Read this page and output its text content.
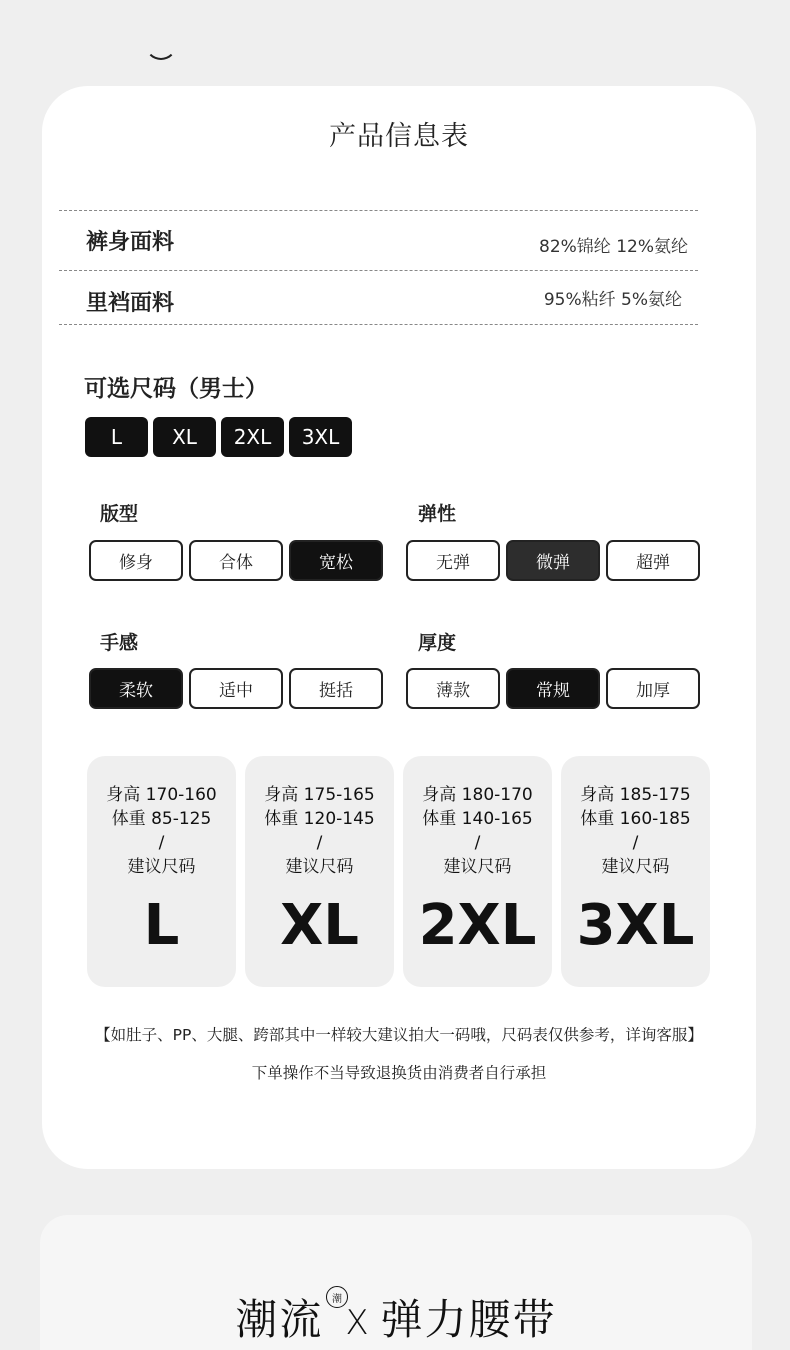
产品信息表
裤身面料	82%锦纶 12%氨纶
里裆面料	95%粘纤 5%氨纶
可选尺码（男士）
L	XL	2XL	3XL
版型
修身	合体	宽松
弹性
无弹	微弹	超弹
手感
柔软	适中	挺括
厚度
薄款	常规	加厚
身高 170-160
体重 85-125
/
建议尺码
L
身高 175-165
体重 120-145
/
建议尺码
XL
身高 180-170
体重 140-165
/
建议尺码
2XL
身高 185-175
体重 160-185
/
建议尺码
3XL
【如肚子、PP、大腿、跨部其中一样较大建议拍大一码哦，尺码表仅供参考，详询客服】
下单操作不当导致退换货由消费者自行承担
潮流 X 弹力腰带
潮
